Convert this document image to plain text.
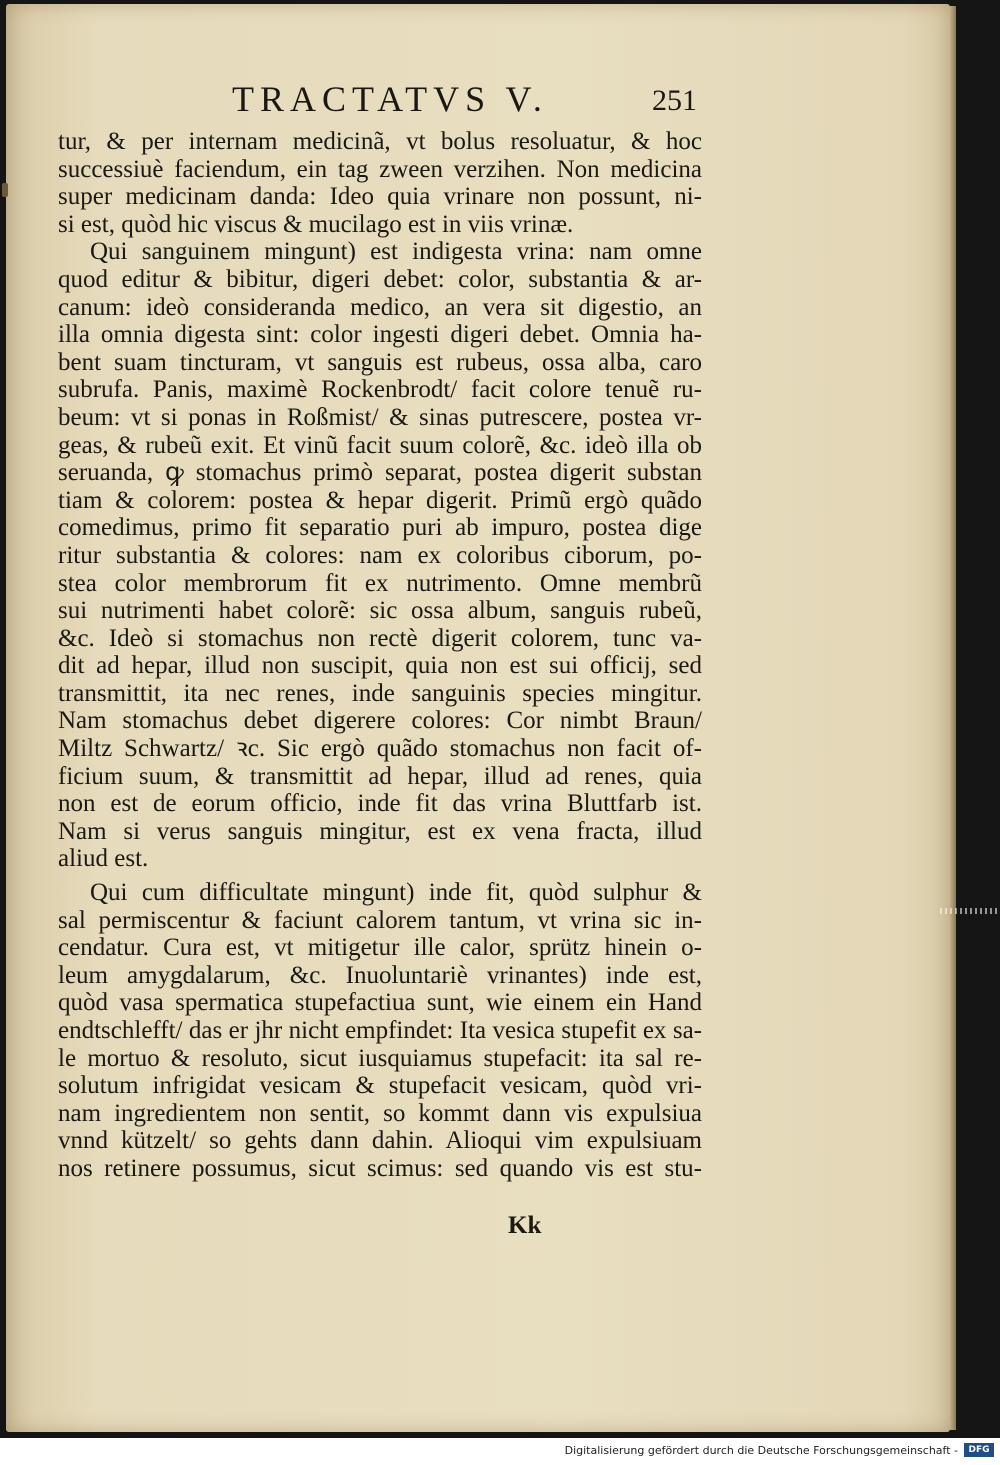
TRACTATVS V.	251
tur, & per internam medicinã, vt bolus resoluatur, & hoc
successiuè faciendum, ein tag zween verzihen. Non medicina
super medicinam danda: Ideo quia vrinare non possunt, ni-
si est, quòd hic viscus & mucilago est in viis vrinæ.
Qui sanguinem mingunt) est indigesta vrina: nam omne
quod editur & bibitur, digeri debet: color, substantia & ar-
canum: ideò consideranda medico, an vera sit digestio, an
illa omnia digesta sint: color ingesti digeri debet. Omnia ha-
bent suam tincturam, vt sanguis est rubeus, ossa alba, caro
subrufa. Panis, maximè Rockenbrodt/ facit colore tenuẽ ru-
beum: vt si ponas in Roßmist/ & sinas putrescere, postea vr-
geas, & rubeũ exit. Et vinũ facit suum colorẽ, &c. ideò illa ob
seruanda, ꝙ stomachus primò separat, postea digerit substan
tiam & colorem: postea & hepar digerit. Primũ ergò quãdo
comedimus, primo fit separatio puri ab impuro, postea dige
ritur substantia & colores: nam ex coloribus ciborum, po-
stea color membrorum fit ex nutrimento. Omne membrũ
sui nutrimenti habet colorẽ: sic ossa album, sanguis rubeũ,
&c. Ideò si stomachus non rectè digerit colorem, tunc va-
dit ad hepar, illud non suscipit, quia non est sui officij, sed
transmittit, ita nec renes, inde sanguinis species mingitur.
Nam stomachus debet digerere colores: Cor nimbt Braun/
Miltz Schwartz/ ꝛc. Sic ergò quãdo stomachus non facit of-
ficium suum, & transmittit ad hepar, illud ad renes, quia
non est de eorum officio, inde fit das vrina Bluttfarb ist.
Nam si verus sanguis mingitur, est ex vena fracta, illud
aliud est.
Qui cum difficultate mingunt) inde fit, quòd sulphur &
sal permiscentur & faciunt calorem tantum, vt vrina sic in-
cendatur. Cura est, vt mitigetur ille calor, sprütz hinein o-
leum amygdalarum, &c. Inuoluntariè vrinantes) inde est,
quòd vasa spermatica stupefactiua sunt, wie einem ein Hand
endtschlefft/ das er jhr nicht empfindet: Ita vesica stupefit ex sa-
le mortuo & resoluto, sicut iusquiamus stupefacit: ita sal re-
solutum infrigidat vesicam & stupefacit vesicam, quòd vri-
nam ingredientem non sentit, so kommt dann vis expulsiua
vnnd kützelt/ so gehts dann dahin. Alioqui vim expulsiuam
nos retinere possumus, sicut scimus: sed quando vis est stu-
Kk
Digitalisierung gefördert durch die Deutsche Forschungsgemeinschaft -	DFG
